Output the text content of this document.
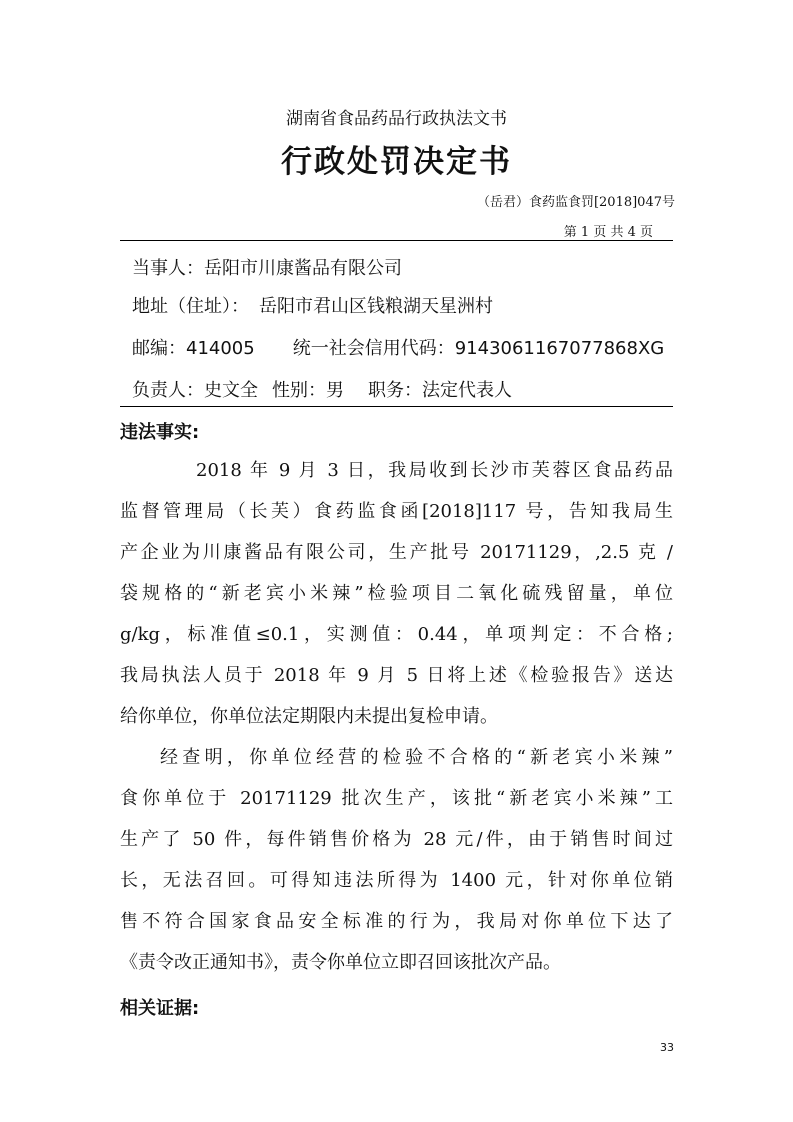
湖南省食品药品行政执法文书
行政处罚决定书
（岳君）食药监食罚[2018]047号
第 1 页 共 4 页
当事人：岳阳市川康酱品有限公司
地址（住址）： 岳阳市君山区钱粮湖天星洲村
邮编：414005 统一社会信用代码：9143061167077868XG
负责人：史文全 性别：男 职务：法定代表人
违法事实:
2018 年 9 月 3 日，我局收到长沙市芙蓉区食品药品
监督管理局（长芙）食药监食函[2018]117 号，告知我局生
产企业为川康酱品有限公司，生产批号 20171129，,2.5 克 /
袋规格的“新老宾小米辣”检验项目二氧化硫残留量，单位
g/kg，标准值≤0.1，实测值：0.44，单项判定：不合格;
我局执法人员于 2018 年 9 月 5 日将上述《检验报告》送达
给你单位，你单位法定期限内未提出复检申请。
经查明，你单位经营的检验不合格的“新老宾小米辣”
食你单位于 20171129 批次生产，该批“新老宾小米辣”工
生产了 50 件，每件销售价格为 28 元/件，由于销售时间过
长，无法召回。可得知违法所得为 1400 元，针对你单位销
售不符合国家食品安全标准的行为，我局对你单位下达了
《责令改正通知书》，责令你单位立即召回该批次产品。
相关证据:
33
